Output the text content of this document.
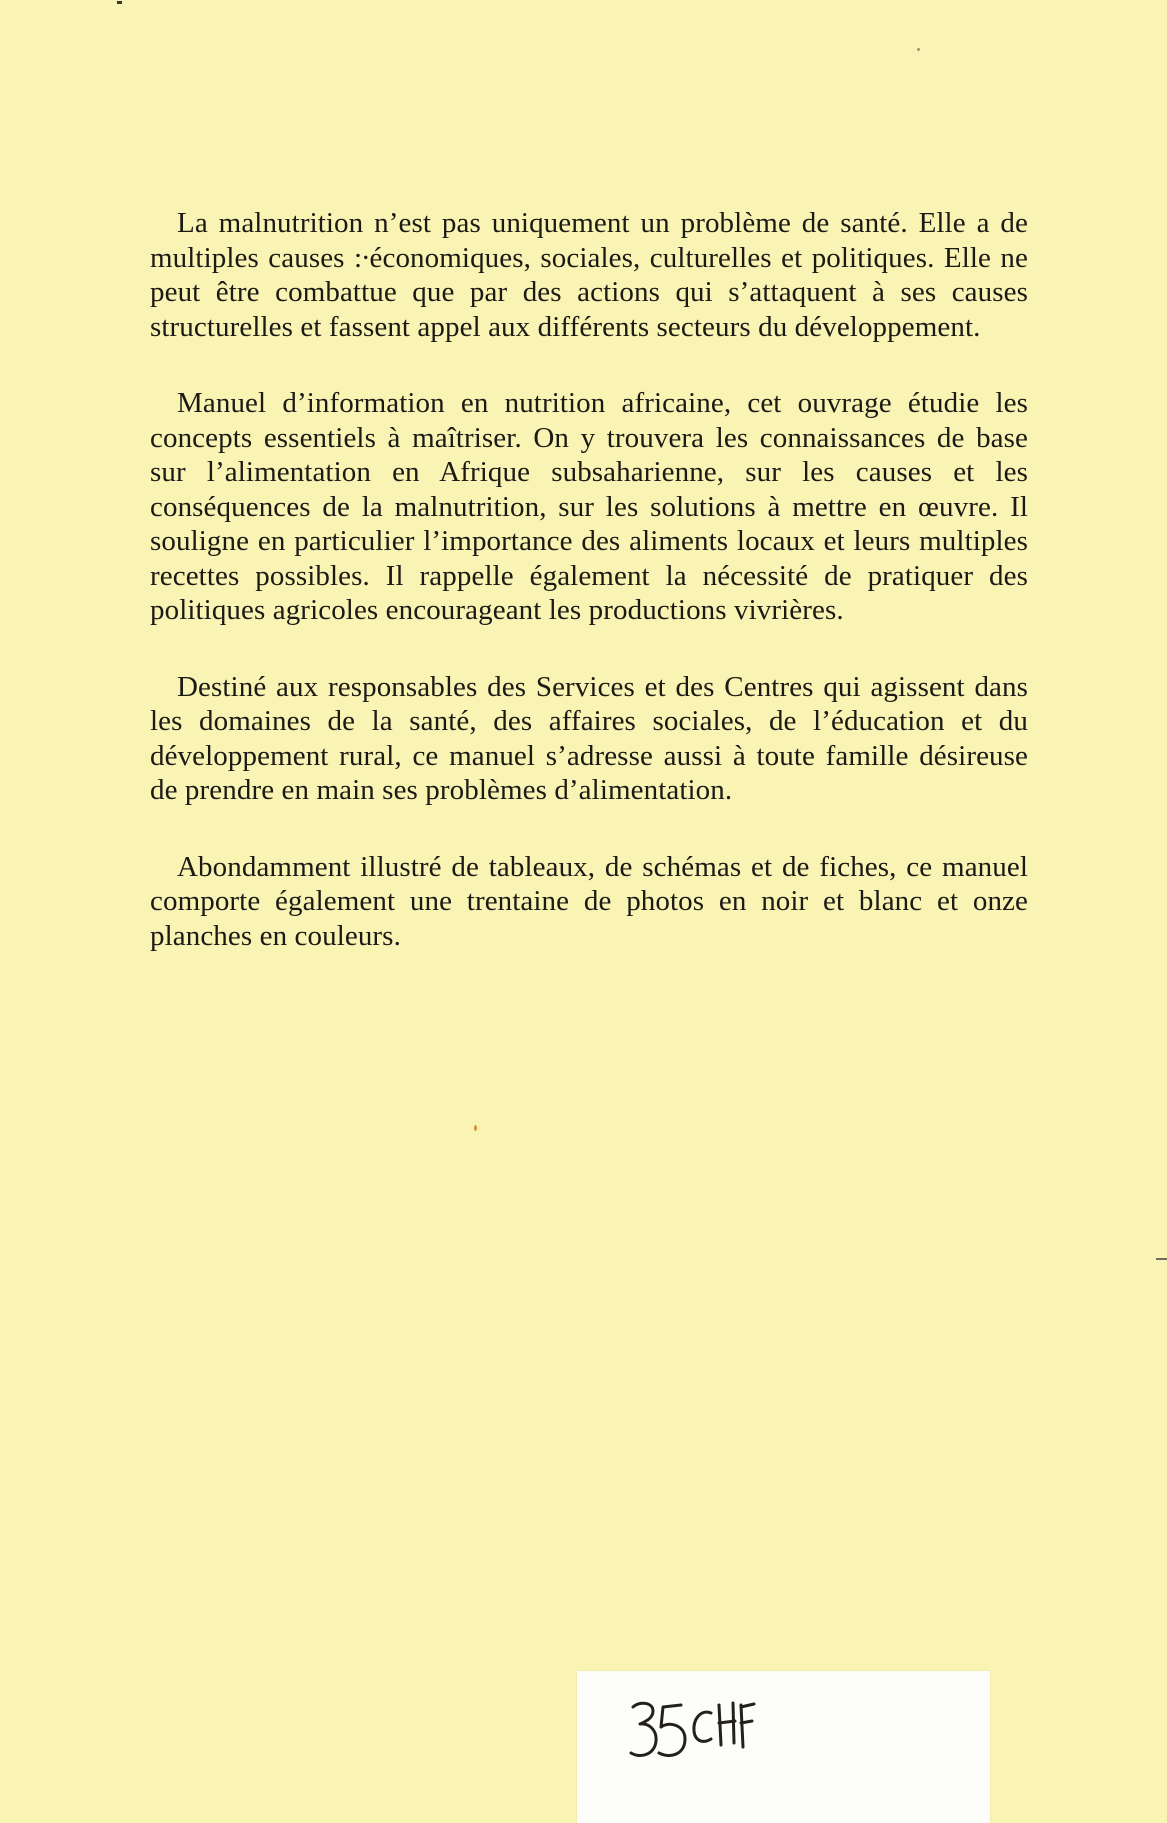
La malnutrition n’est pas uniquement un problème de santé. Elle a de multiples causes :∙économiques, sociales, culturelles et politiques. Elle ne peut être combattue que par des actions qui s’attaquent à ses causes structurelles et fassent appel aux différents secteurs du développement.

Manuel d’information en nutrition africaine, cet ouvrage étudie les concepts essentiels à maîtriser. On y trouvera les connaissances de base sur l’alimentation en Afrique subsaharienne, sur les causes et les conséquences de la malnutrition, sur les solutions à mettre en œuvre. Il souligne en particulier l’importance des aliments locaux et leurs multiples recettes possibles. Il rappelle également la nécessité de pratiquer des politiques agricoles encourageant les productions vivrières.

Destiné aux responsables des Services et des Centres qui agissent dans les domaines de la santé, des affaires sociales, de l’éducation et du développement rural, ce manuel s’adresse aussi à toute famille désireuse de prendre en main ses problèmes d’alimentation.

Abondamment illustré de tableaux, de schémas et de fiches, ce manuel comporte également une trentaine de photos en noir et blanc et onze planches en couleurs.
